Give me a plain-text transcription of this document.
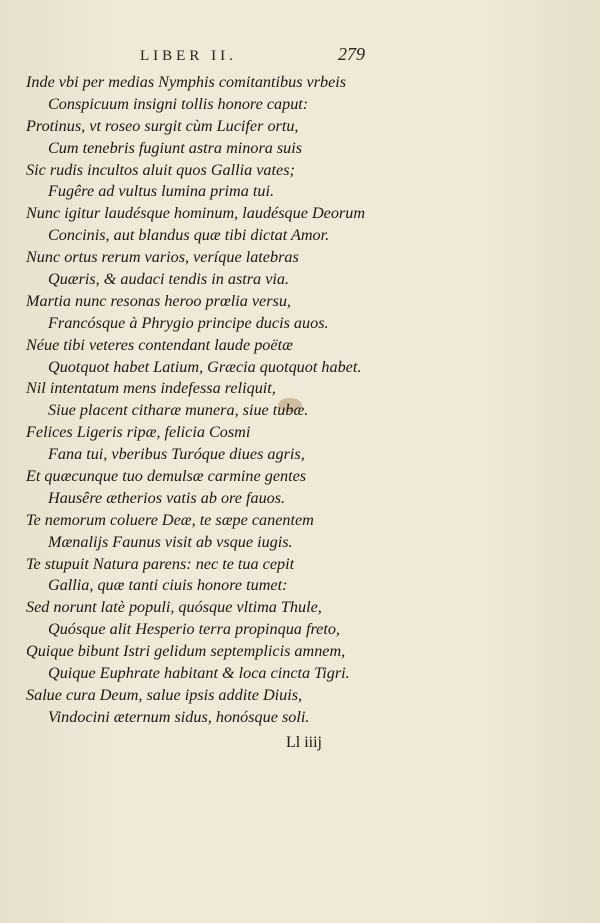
LIBER II.	279
Inde vbi per medias Nymphis comitantibus vrbeis
Conspicuum insigni tollis honore caput:
Protinus, vt roseo surgit cùm Lucifer ortu,
Cum tenebris fugiunt astra minora suis
Sic rudis incultos aluit quos Gallia vates;
Fugêre ad vultus lumina prima tui.
Nunc igitur laudésque hominum, laudésque Deorum
Concinis, aut blandus quæ tibi dictat Amor.
Nunc ortus rerum varios, veríque latebras
Quæris, & audaci tendis in astra via.
Martia nunc resonas heroo prœlia versu,
Francósque à Phrygio principe ducis auos.
Néue tibi veteres contendant laude poëtæ
Quotquot habet Latium, Græcia quotquot habet.
Nil intentatum mens indefessa reliquit,
Siue placent citharæ munera, siue tubæ.
Felices Ligeris ripæ, felicia Cosmi
Fana tui, vberibus Turóque diues agris,
Et quæcunque tuo demulsæ carmine gentes
Hausêre ætherios vatis ab ore fauos.
Te nemorum coluere Deæ, te sæpe canentem
Mænalijs Faunus visit ab vsque iugis.
Te stupuit Natura parens: nec te tua cepit
Gallia, quæ tanti ciuis honore tumet:
Sed norunt latè populi, quósque vltima Thule,
Quósque alit Hesperio terra propinqua freto,
Quique bibunt Istri gelidum septemplicis amnem,
Quique Euphrate habitant & loca cincta Tigri.
Salue cura Deum, salue ipsis addite Diuis,
Vindocini æternum sidus, honósque soli.
Ll iiij
